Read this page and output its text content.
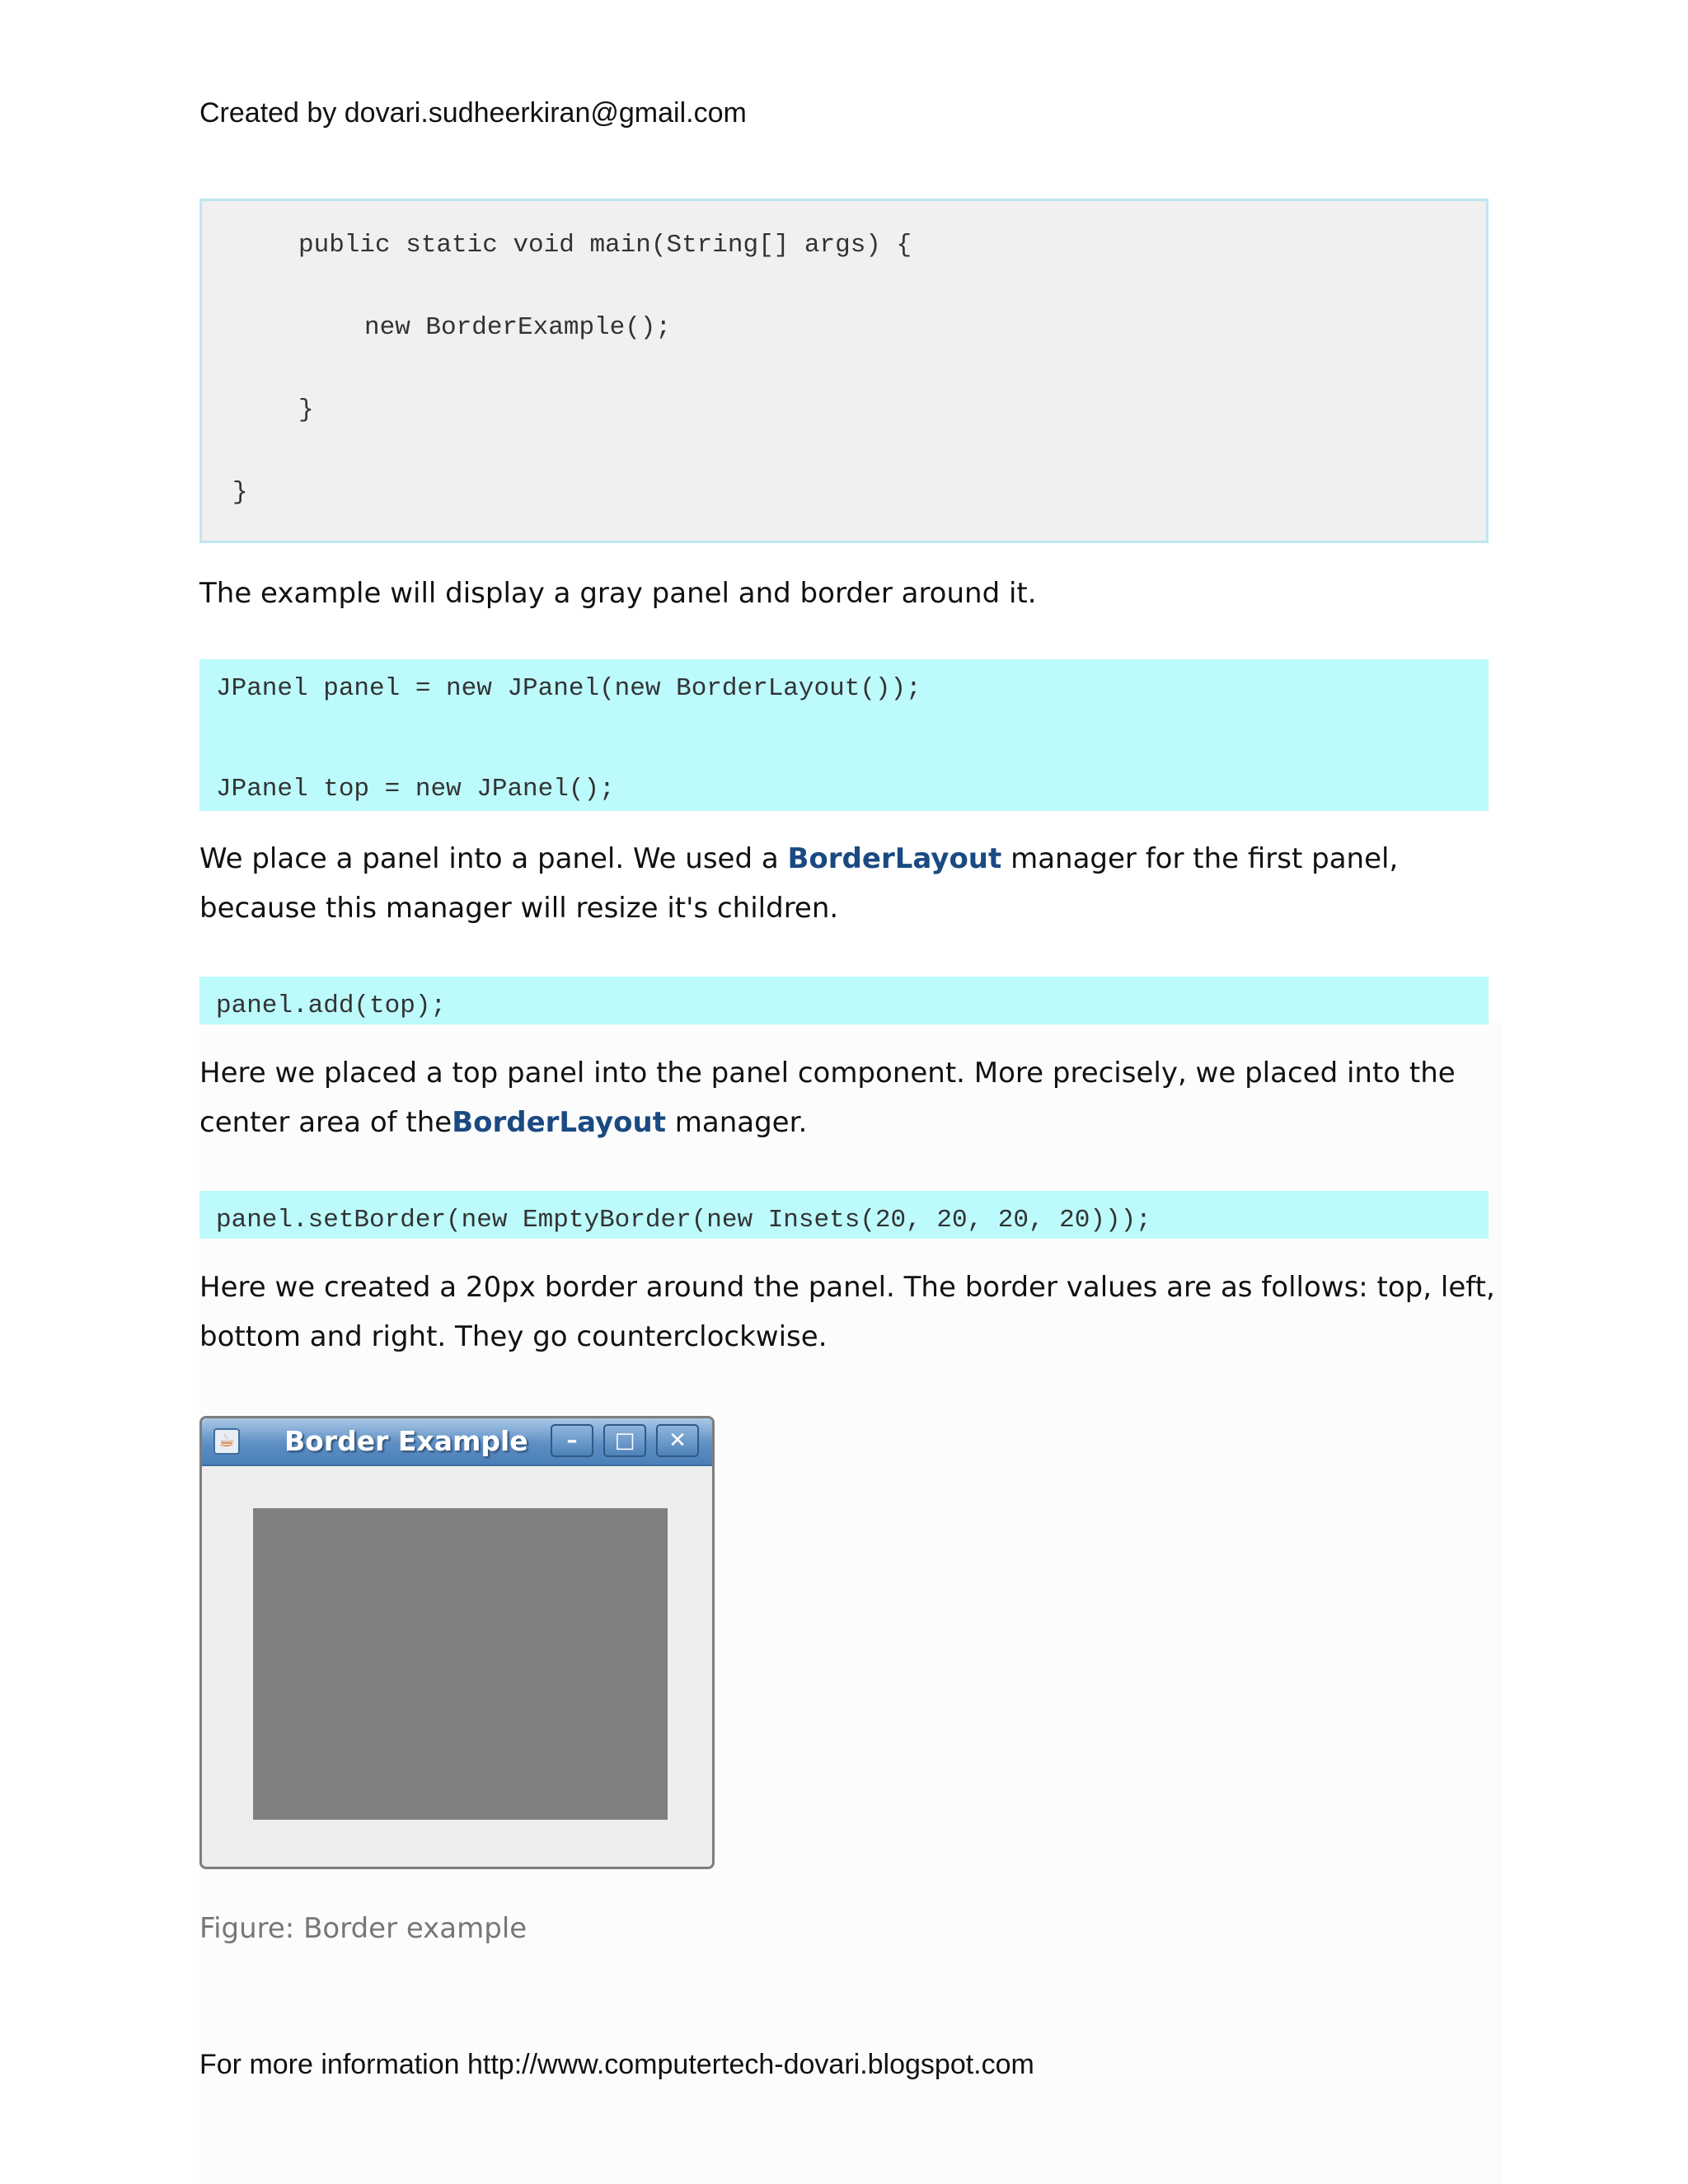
Created by dovari.sudheerkiran@gmail.com

public static void main(String[] args) {

new BorderExample();

}

}

The example will display a gray panel and border around it.

JPanel panel = new JPanel(new BorderLayout());

JPanel top = new JPanel();

We place a panel into a panel. We used a BorderLayout manager for the first panel,
because this manager will resize it's children.

panel.add(top);

Here we placed a top panel into the panel component. More precisely, we placed into the
center area of theBorderLayout manager.

panel.setBorder(new EmptyBorder(new Insets(20, 20, 20, 20)));

Here we created a 20px border around the panel. The border values are as follows: top, left,
bottom and right. They go counterclockwise.

☕ Border Example	–	□	✕

Figure: Border example

For more information http://www.computertech-dovari.blogspot.com
